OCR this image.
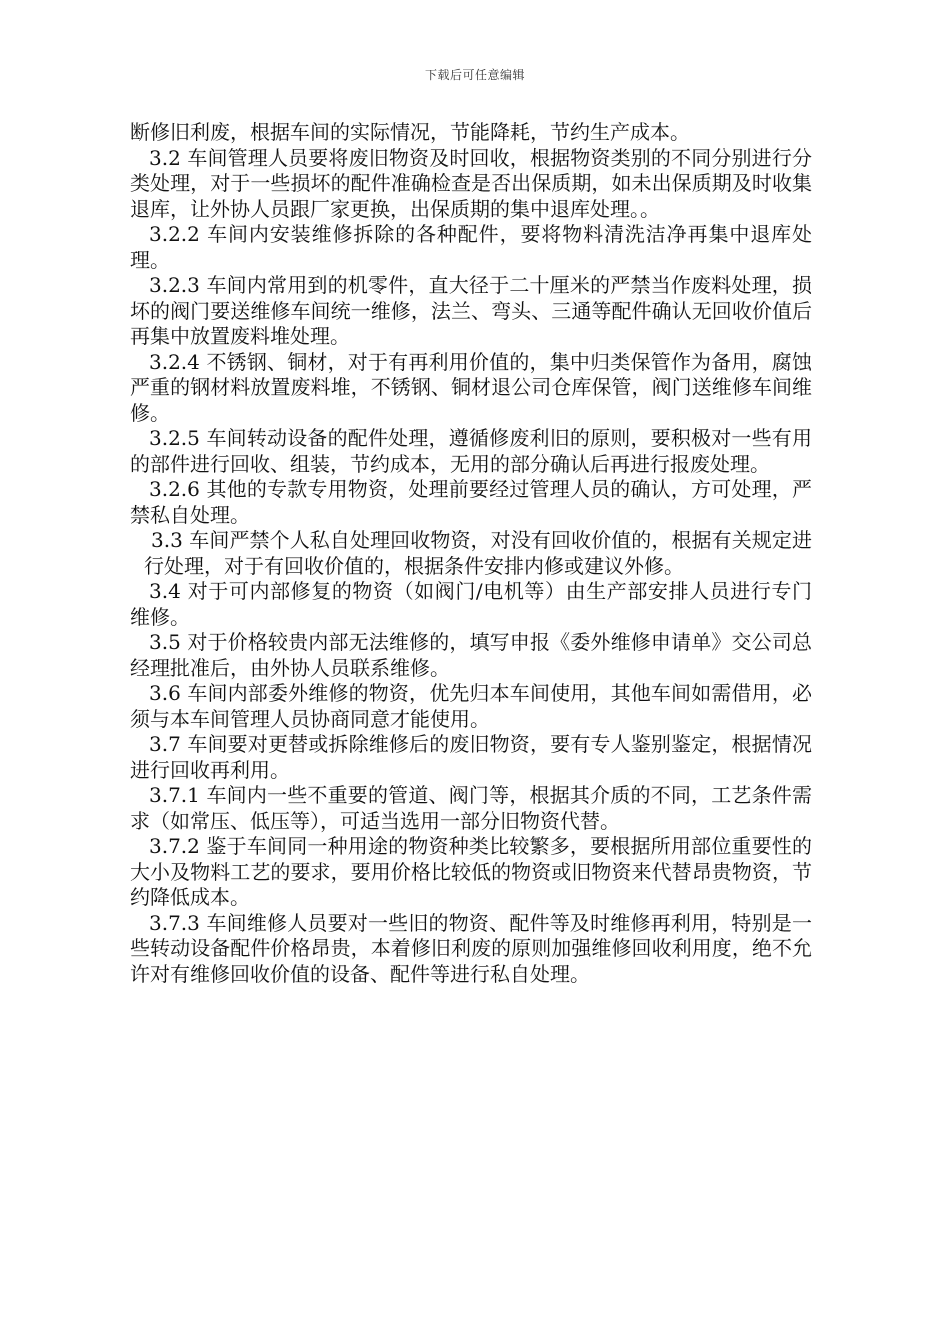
下载后可任意编辑

断修旧利废，根据车间的实际情况，节能降耗，节约生产成本。

3.2 车间管理人员要将废旧物资及时回收，根据物资类别的不同分别进行分类处理，对于一些损坏的配件准确检查是否出保质期，如未出保质期及时收集退库，让外协人员跟厂家更换，出保质期的集中退库处理。。

3.2.2 车间内安装维修拆除的各种配件，要将物料清洗洁净再集中退库处理。

3.2.3 车间内常用到的机零件，直大径于二十厘米的严禁当作废料处理，损坏的阀门要送维修车间统一维修，法兰、弯头、三通等配件确认无回收价值后再集中放置废料堆处理。

3.2.4 不锈钢、铜材，对于有再利用价值的，集中归类保管作为备用，腐蚀严重的钢材料放置废料堆，不锈钢、铜材退公司仓库保管，阀门送维修车间维修。

3.2.5 车间转动设备的配件处理，遵循修废利旧的原则，要积极对一些有用的部件进行回收、组装，节约成本，无用的部分确认后再进行报废处理。

3.2.6 其他的专款专用物资，处理前要经过管理人员的确认，方可处理，严禁私自处理。

3.3 车间严禁个人私自处理回收物资，对没有回收价值的，根据有关规定进行处理，对于有回收价值的，根据条件安排内修或建议外修。

3.4 对于可内部修复的物资（如阀门/电机等）由生产部安排人员进行专门维修。

3.5 对于价格较贵内部无法维修的，填写申报《委外维修申请单》交公司总经理批准后，由外协人员联系维修。

3.6 车间内部委外维修的物资，优先归本车间使用，其他车间如需借用，必须与本车间管理人员协商同意才能使用。

3.7 车间要对更替或拆除维修后的废旧物资，要有专人鉴别鉴定，根据情况进行回收再利用。

3.7.1 车间内一些不重要的管道、阀门等，根据其介质的不同，工艺条件需求（如常压、低压等），可适当选用一部分旧物资代替。

3.7.2 鉴于车间同一种用途的物资种类比较繁多，要根据所用部位重要性的大小及物料工艺的要求，要用价格比较低的物资或旧物资来代替昂贵物资，节约降低成本。

3.7.3 车间维修人员要对一些旧的物资、配件等及时维修再利用，特别是一些转动设备配件价格昂贵，本着修旧利废的原则加强维修回收利用度，绝不允许对有维修回收价值的设备、配件等进行私自处理。
